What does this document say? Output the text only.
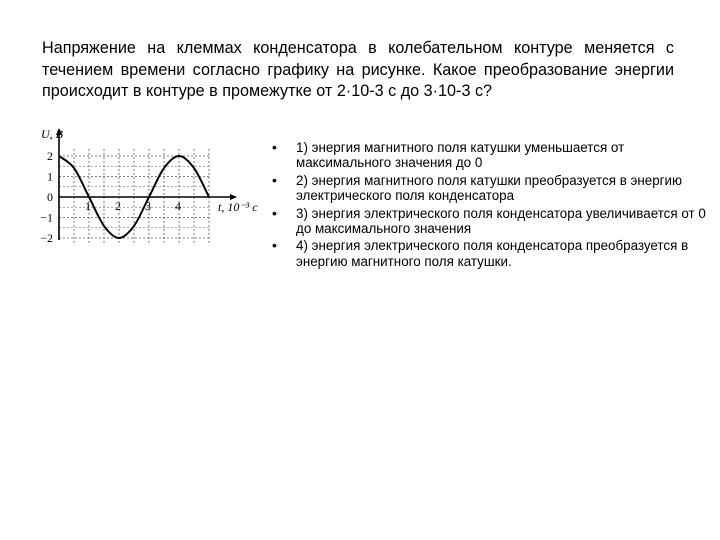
Напряжение на клеммах конденсатора в колебательном контуре меняется с течением времени согласно графику на рисунке. Какое преобразование энергии происходит в контуре в промежутке от 2·10-3 с до 3·10-3 с?

2
1
0
−1
−2
1 2 3 4
U, В
t, 10⁻³ с
• 1) энергия магнитного поля катушки уменьшается от максимального значения до 0
• 2) энергия магнитного поля катушки преобразуется в энергию электрического поля конденсатора
• 3) энергия электрического поля конденсатора увеличивается от 0 до максимального значения
• 4) энергия электрического поля конденсатора преобразуется в энергию магнитного поля катушки.
